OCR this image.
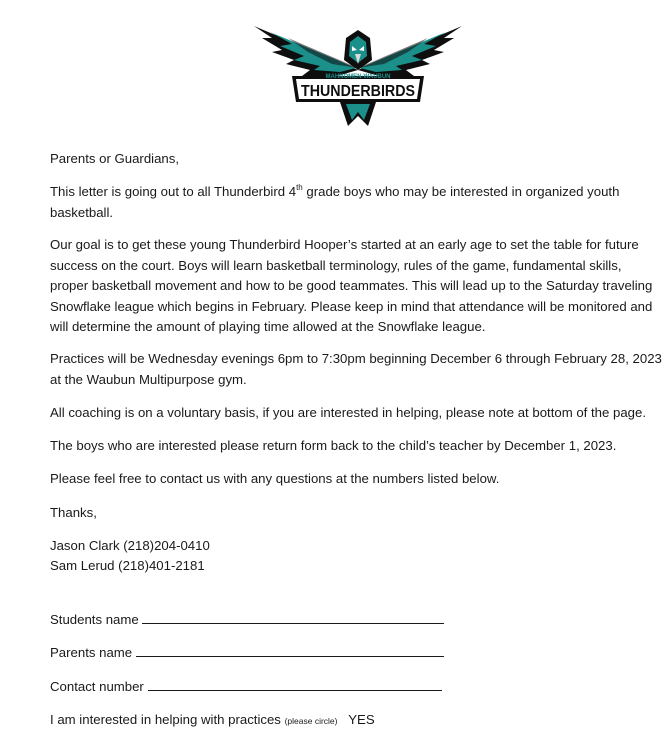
MAHNOMEN-WAUBUN
THUNDERBIRDS

Parents or Guardians,

This letter is going out to all Thunderbird 4th grade boys who may be interested in organized youth basketball.

Our goal is to get these young Thunderbird Hooper’s started at an early age to set the table for future success on the court. Boys will learn basketball terminology, rules of the game, fundamental skills, proper basketball movement and how to be good teammates. This will lead up to the Saturday traveling Snowflake league which begins in February. Please keep in mind that attendance will be monitored and will determine the amount of playing time allowed at the Snowflake league.

Practices will be Wednesday evenings 6pm to 7:30pm beginning December 6 through February 28, 2023 at the Waubun Multipurpose gym.

All coaching is on a voluntary basis, if you are interested in helping, please note at bottom of the page.

The boys who are interested please return form back to the child’s teacher by December 1, 2023.

Please feel free to contact us with any questions at the numbers listed below.

Thanks,

Jason Clark (218)204-0410

Sam Lerud (218)401-2181

Students name

Parents name

Contact number

I am interested in helping with practices (please circle) YES
